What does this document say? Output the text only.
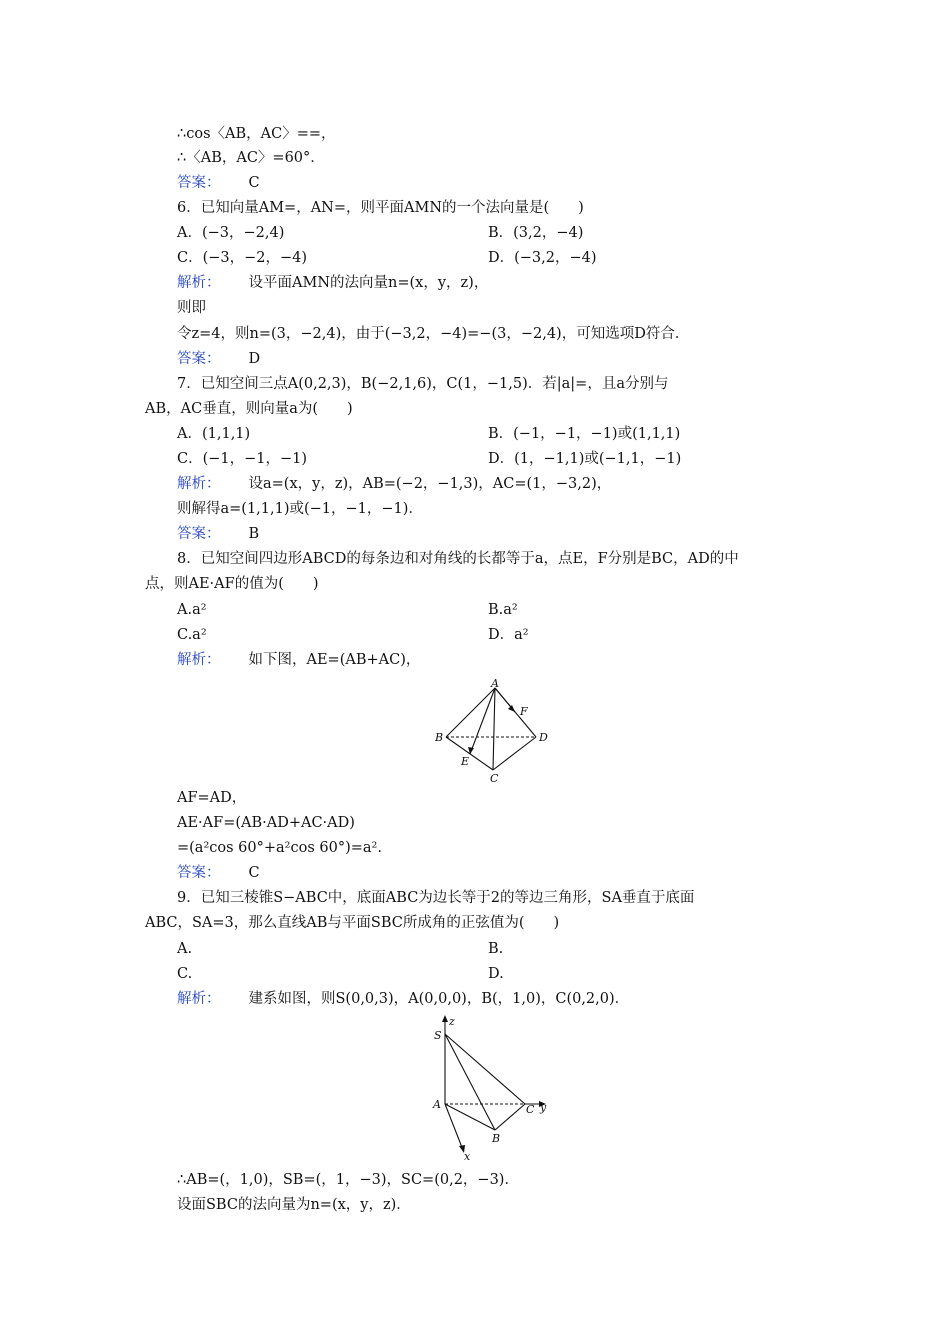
∴cos〈AB，AC〉==，
∴〈AB，AC〉=60°．
答案： C
6．已知向量AM=，AN=，则平面AMN的一个法向量是(　　)
A．(−3，−2,4)	B．(3,2，−4)
C．(−3，−2，−4)	D．(−3,2，−4)
解析： 设平面AMN的法向量n=(x，y，z)，
则即
令z=4，则n=(3，−2,4)，由于(−3,2，−4)=−(3，−2,4)，可知选项D符合．
答案： D
7．已知空间三点A(0,2,3)，B(−2,1,6)，C(1，−1,5)．若|a|=，且a分别与
AB，AC垂直，则向量a为(　　)
A．(1,1,1)	B．(−1，−1，−1)或(1,1,1)
C．(−1，−1，−1)	D．(1，−1,1)或(−1,1，−1)
解析： 设a=(x，y，z)，AB=(−2，−1,3)，AC=(1，−3,2)，
则解得a=(1,1,1)或(−1，−1，−1)．
答案： B
8．已知空间四边形ABCD的每条边和对角线的长都等于a，点E，F分别是BC，AD的中
点，则AE·AF的值为(　　)
A.a²	B.a²
C.a²	D．a²
解析： 如下图，AE=(AB+AC)，
A
B
C
D
E
F
AF=AD，
AE·AF=(AB·AD+AC·AD)
=(a²cos 60°+a²cos 60°)=a².
答案： C
9．已知三棱锥S−ABC中，底面ABC为边长等于2的等边三角形，SA垂直于底面
ABC，SA=3，那么直线AB与平面SBC所成角的正弦值为(　　)
A.	B.
C.	D.
解析： 建系如图，则S(0,0,3)，A(0,0,0)，B(，1,0)，C(0,2,0)．
z
S
A
B
C y
x
∴AB=(，1,0)，SB=(，1，−3)，SC=(0,2，−3)．
设面SBC的法向量为n=(x，y，z)．
